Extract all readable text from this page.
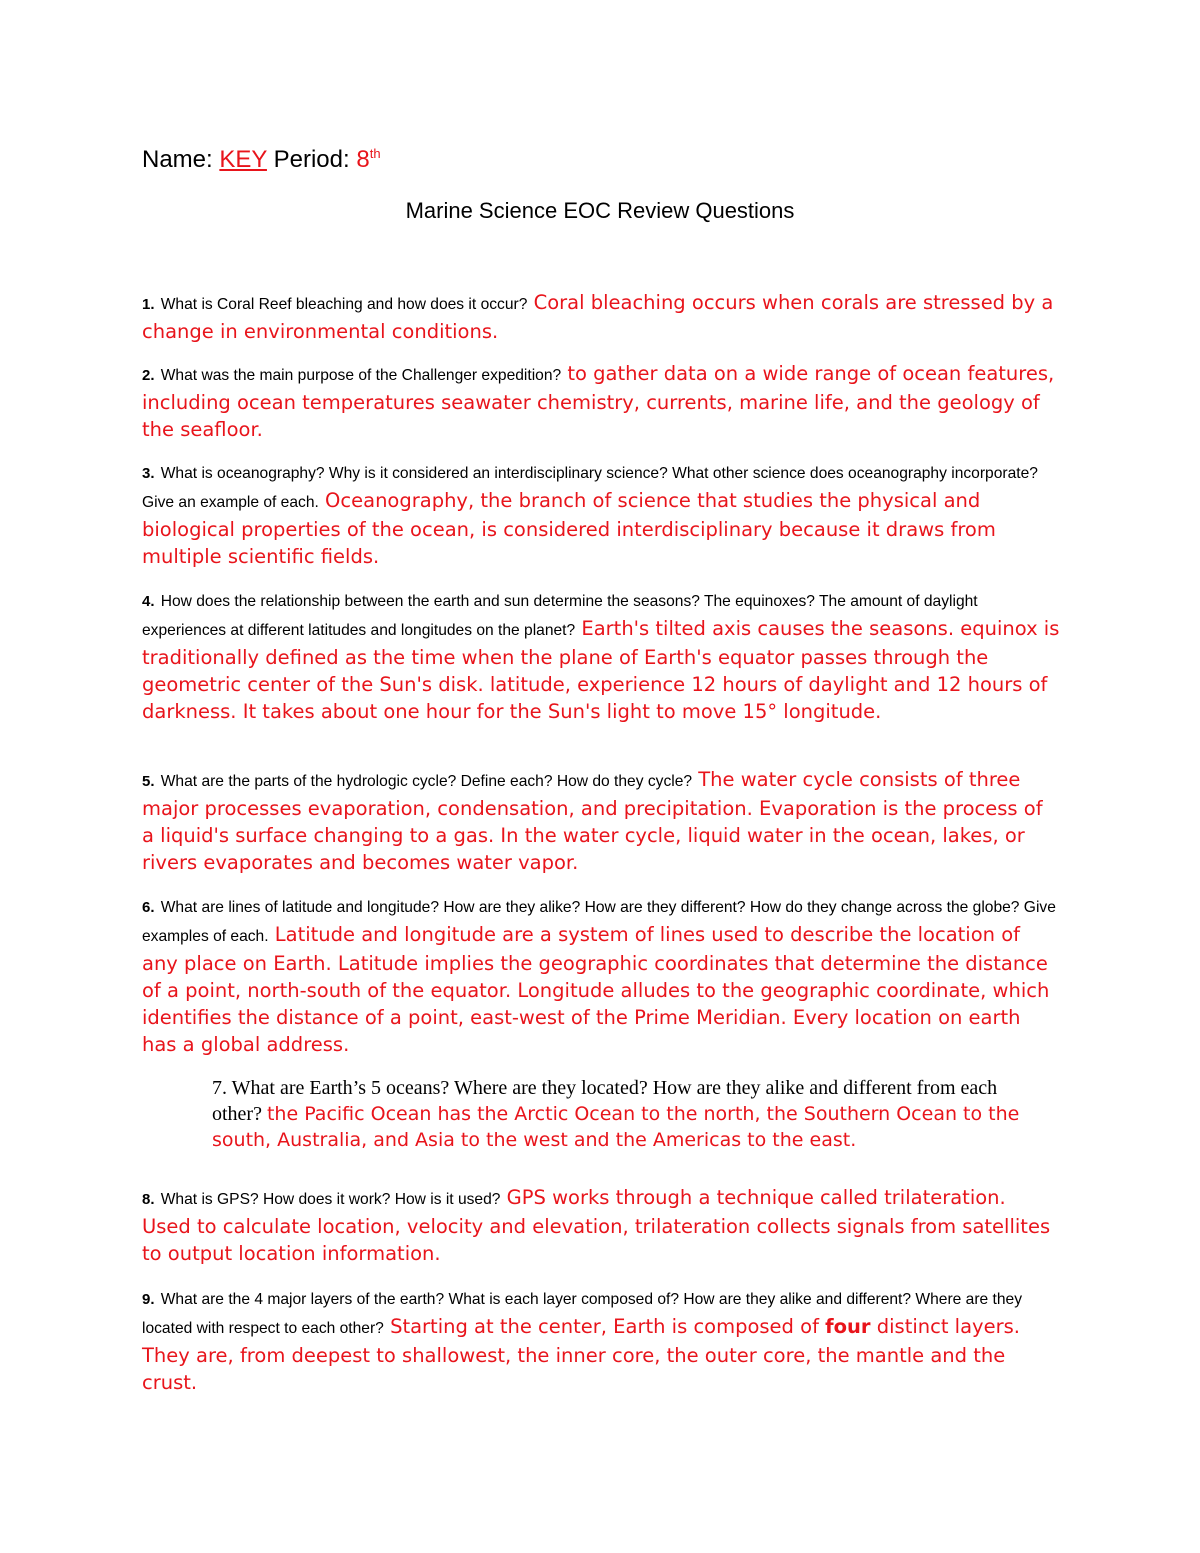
Name: KEY Period: 8th
Marine Science EOC Review Questions

1. What is Coral Reef bleaching and how does it occur? Coral bleaching occurs when corals are stressed by a change in environmental conditions.

2. What was the main purpose of the Challenger expedition? to gather data on a wide range of ocean features, including ocean temperatures seawater chemistry, currents, marine life, and the geology of the seafloor.

3. What is oceanography? Why is it considered an interdisciplinary science? What other science does oceanography incorporate? Give an example of each. Oceanography, the branch of science that studies the physical and biological properties of the ocean, is considered interdisciplinary because it draws from multiple scientific fields.

4. How does the relationship between the earth and sun determine the seasons? The equinoxes? The amount of daylight experiences at different latitudes and longitudes on the planet? Earth's tilted axis causes the seasons. equinox is traditionally defined as the time when the plane of Earth's equator passes through the geometric center of the Sun's disk. latitude, experience 12 hours of daylight and 12 hours of darkness. It takes about one hour for the Sun's light to move 15° longitude.

5. What are the parts of the hydrologic cycle? Define each? How do they cycle? The water cycle consists of three major processes evaporation, condensation, and precipitation. Evaporation is the process of a liquid's surface changing to a gas. In the water cycle, liquid water in the ocean, lakes, or rivers evaporates and becomes water vapor.

6. What are lines of latitude and longitude? How are they alike? How are they different? How do they change across the globe? Give examples of each. Latitude and longitude are a system of lines used to describe the location of any place on Earth. Latitude implies the geographic coordinates that determine the distance of a point, north-south of the equator. Longitude alludes to the geographic coordinate, which identifies the distance of a point, east-west of the Prime Meridian. Every location on earth has a global address.

7. What are Earth’s 5 oceans? Where are they located? How are they alike and different from each other? the Pacific Ocean has the Arctic Ocean to the north, the Southern Ocean to the south, Australia, and Asia to the west and the Americas to the east.

8. What is GPS? How does it work? How is it used? GPS works through a technique called trilateration. Used to calculate location, velocity and elevation, trilateration collects signals from satellites to output location information.

9. What are the 4 major layers of the earth? What is each layer composed of? How are they alike and different? Where are they located with respect to each other? Starting at the center, Earth is composed of four distinct layers. They are, from deepest to shallowest, the inner core, the outer core, the mantle and the crust.
